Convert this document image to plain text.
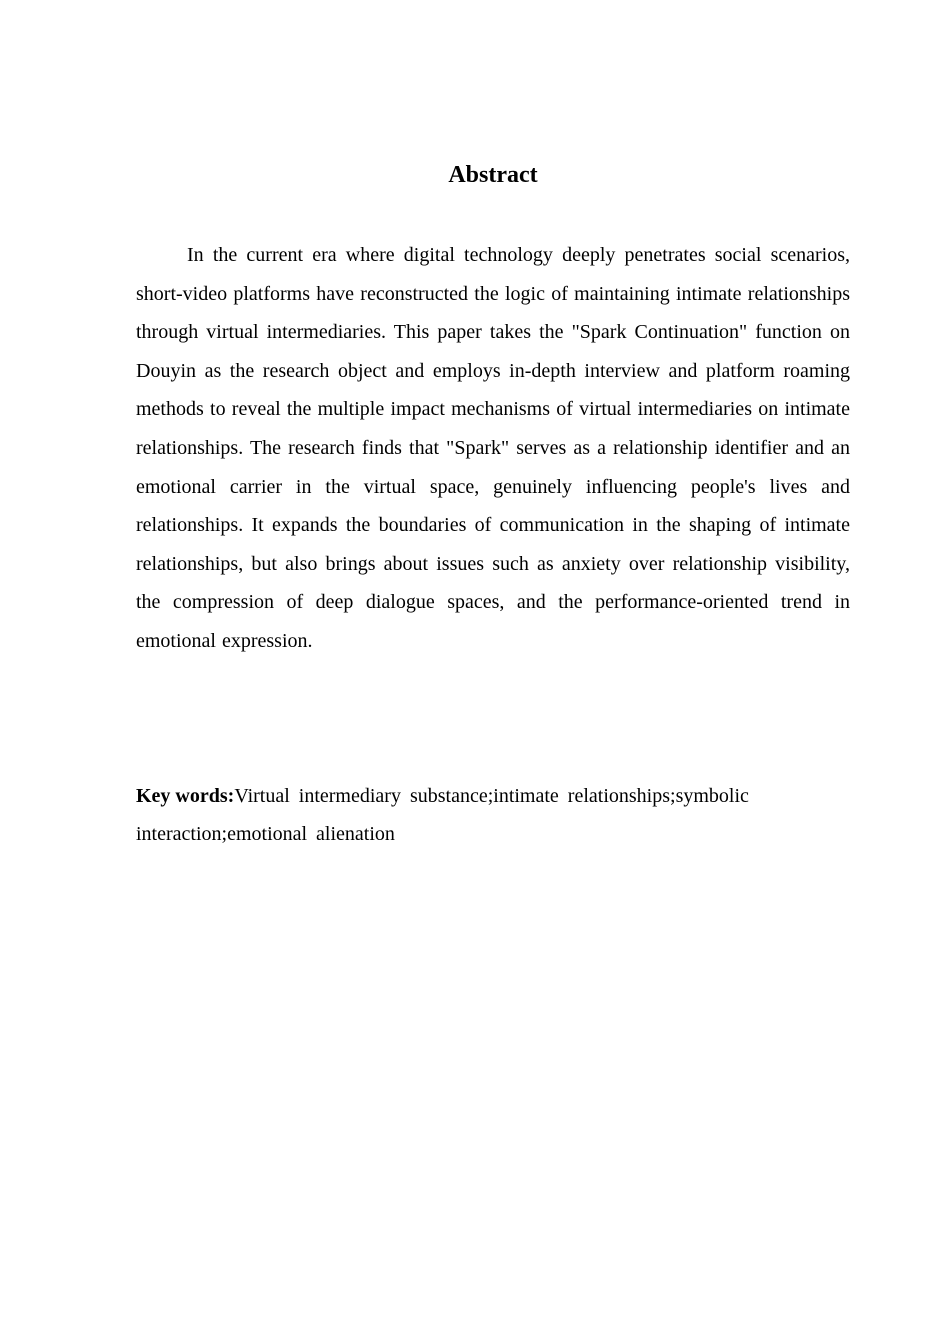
Abstract

In the current era where digital technology deeply penetrates social scenarios, short-video platforms have reconstructed the logic of maintaining intimate relationships through virtual intermediaries. This paper takes the "Spark Continuation" function on Douyin as the research object and employs in-depth interview and platform roaming methods to reveal the multiple impact mechanisms of virtual intermediaries on intimate relationships. The research finds that "Spark" serves as a relationship identifier and an emotional carrier in the virtual space, genuinely influencing people's lives and relationships. It expands the boundaries of communication in the shaping of intimate relationships, but also brings about issues such as anxiety over relationship visibility, the compression of deep dialogue spaces, and the performance-oriented trend in emotional expression.

Key words:Virtual intermediary substance;intimate relationships;symbolic interaction;emotional alienation
